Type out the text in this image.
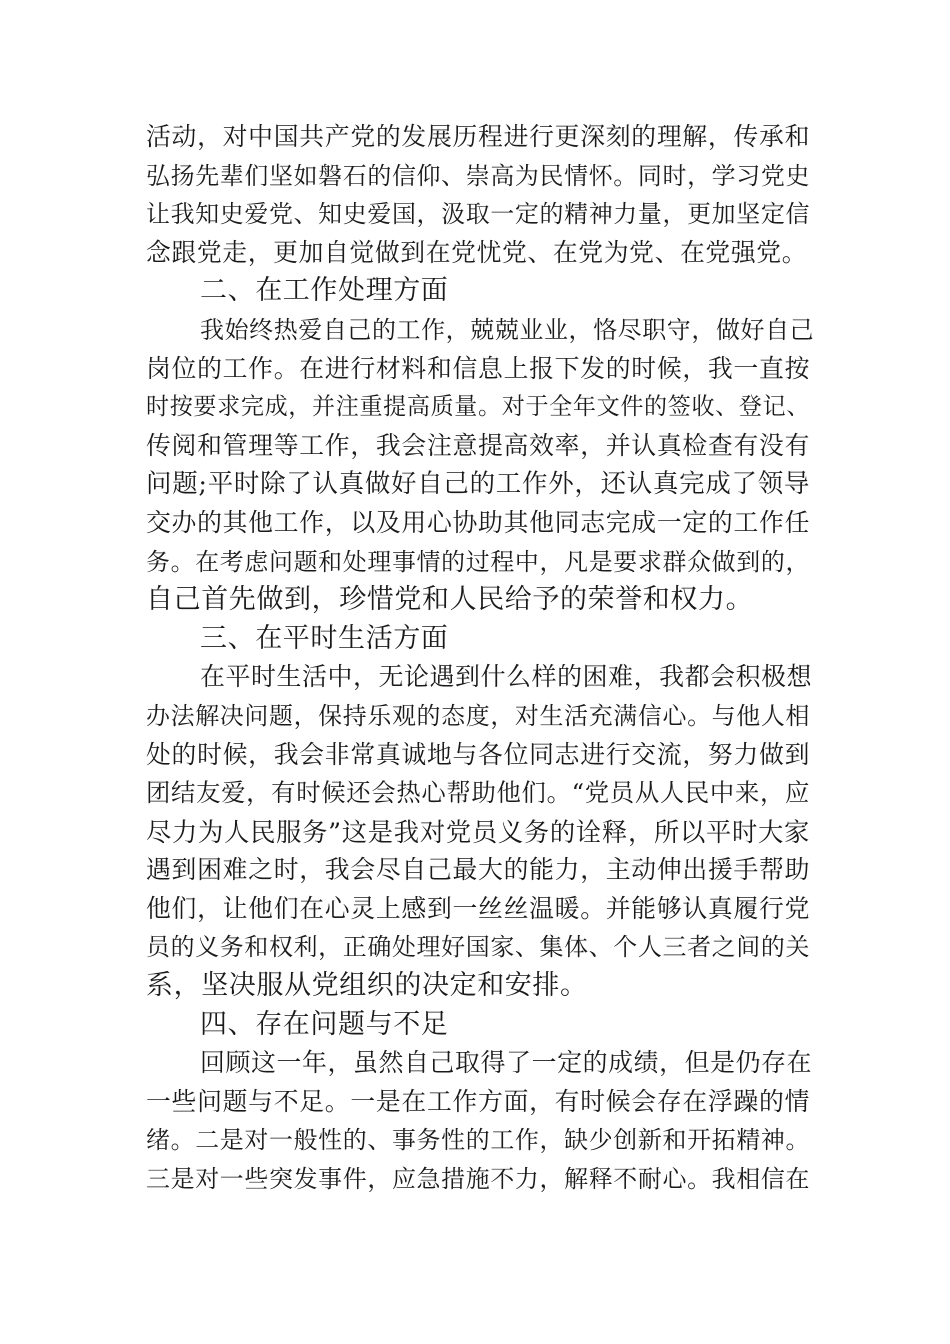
活动，对中国共产党的发展历程进行更深刻的理解，传承和
弘扬先辈们坚如磐石的信仰、崇高为民情怀。同时，学习党史
让我知史爱党、知史爱国，汲取一定的精神力量，更加坚定信
念跟党走，更加自觉做到在党忧党、在党为党、在党强党。
二、在工作处理方面
我始终热爱自己的工作，兢兢业业，恪尽职守，做好自己
岗位的工作。在进行材料和信息上报下发的时候，我一直按
时按要求完成，并注重提高质量。对于全年文件的签收、登记、
传阅和管理等工作，我会注意提高效率，并认真检查有没有
问题;平时除了认真做好自己的工作外，还认真完成了领导
交办的其他工作，以及用心协助其他同志完成一定的工作任
务。在考虑问题和处理事情的过程中，凡是要求群众做到的，
自己首先做到，珍惜党和人民给予的荣誉和权力。
三、在平时生活方面
在平时生活中，无论遇到什么样的困难，我都会积极想
办法解决问题，保持乐观的态度，对生活充满信心。与他人相
处的时候，我会非常真诚地与各位同志进行交流，努力做到
团结友爱，有时候还会热心帮助他们。“党员从人民中来，应
尽力为人民服务”这是我对党员义务的诠释，所以平时大家
遇到困难之时，我会尽自己最大的能力，主动伸出援手帮助
他们，让他们在心灵上感到一丝丝温暖。并能够认真履行党
员的义务和权利，正确处理好国家、集体、个人三者之间的关
系，坚决服从党组织的决定和安排。
四、存在问题与不足
回顾这一年，虽然自己取得了一定的成绩，但是仍存在
一些问题与不足。一是在工作方面，有时候会存在浮躁的情
绪。二是对一般性的、事务性的工作，缺少创新和开拓精神。
三是对一些突发事件，应急措施不力，解释不耐心。我相信在
